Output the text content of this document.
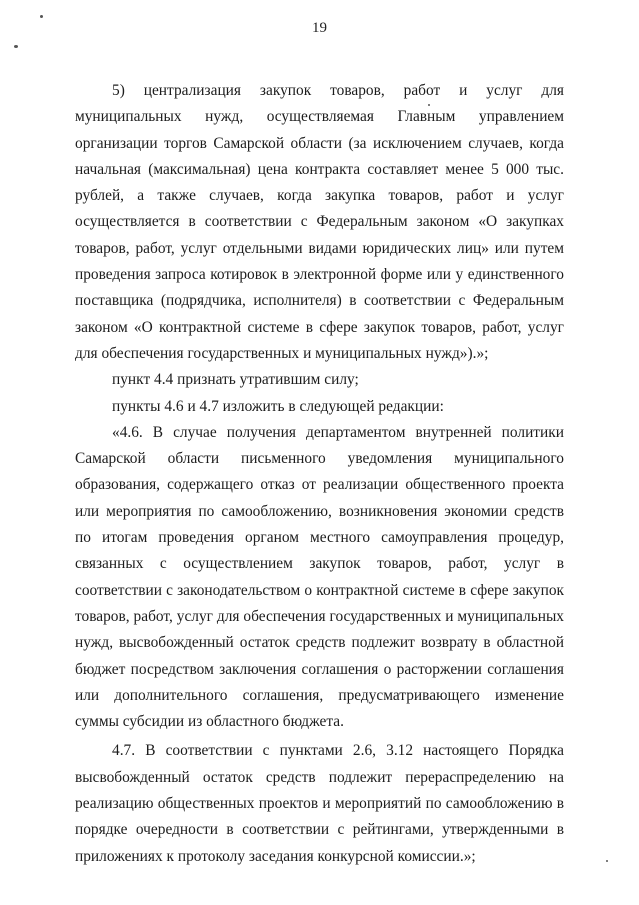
19

5) централизация закупок товаров, работ и услуг для муниципальных нужд, осуществляемая Главным управлением организации торгов Самарской области (за исключением случаев, когда начальная (максимальная) цена контракта составляет менее 5 000 тыс. рублей, а также случаев, когда закупка товаров, работ и услуг осуществляется в соответствии с Федеральным законом «О закупках товаров, работ, услуг отдельными видами юридических лиц» или путем проведения запроса котировок в электронной форме или у единственного поставщика (подрядчика, исполнителя) в соответствии с Федеральным законом «О контрактной системе в сфере закупок товаров, работ, услуг для обеспечения государственных и муниципальных нужд»).»;

пункт 4.4 признать утратившим силу;

пункты 4.6 и 4.7 изложить в следующей редакции:

«4.6. В случае получения департаментом внутренней политики Самарской области письменного уведомления муниципального образования, содержащего отказ от реализации общественного проекта или мероприятия по самообложению, возникновения экономии средств по итогам проведения органом местного самоуправления процедур, связанных с осуществлением закупок товаров, работ, услуг в соответствии с законодательством о контрактной системе в сфере закупок товаров, работ, услуг для обеспечения государственных и муниципальных нужд, высвобожденный остаток средств подлежит возврату в областной бюджет посредством заключения соглашения о расторжении соглашения или дополнительного соглашения, предусматривающего изменение суммы субсидии из областного бюджета.

4.7. В соответствии с пунктами 2.6, 3.12 настоящего Порядка высвобожденный остаток средств подлежит перераспределению на реализацию общественных проектов и мероприятий по самообложению в порядке очередности в соответствии с рейтингами, утвержденными в приложениях к протоколу заседания конкурсной комиссии.»;
